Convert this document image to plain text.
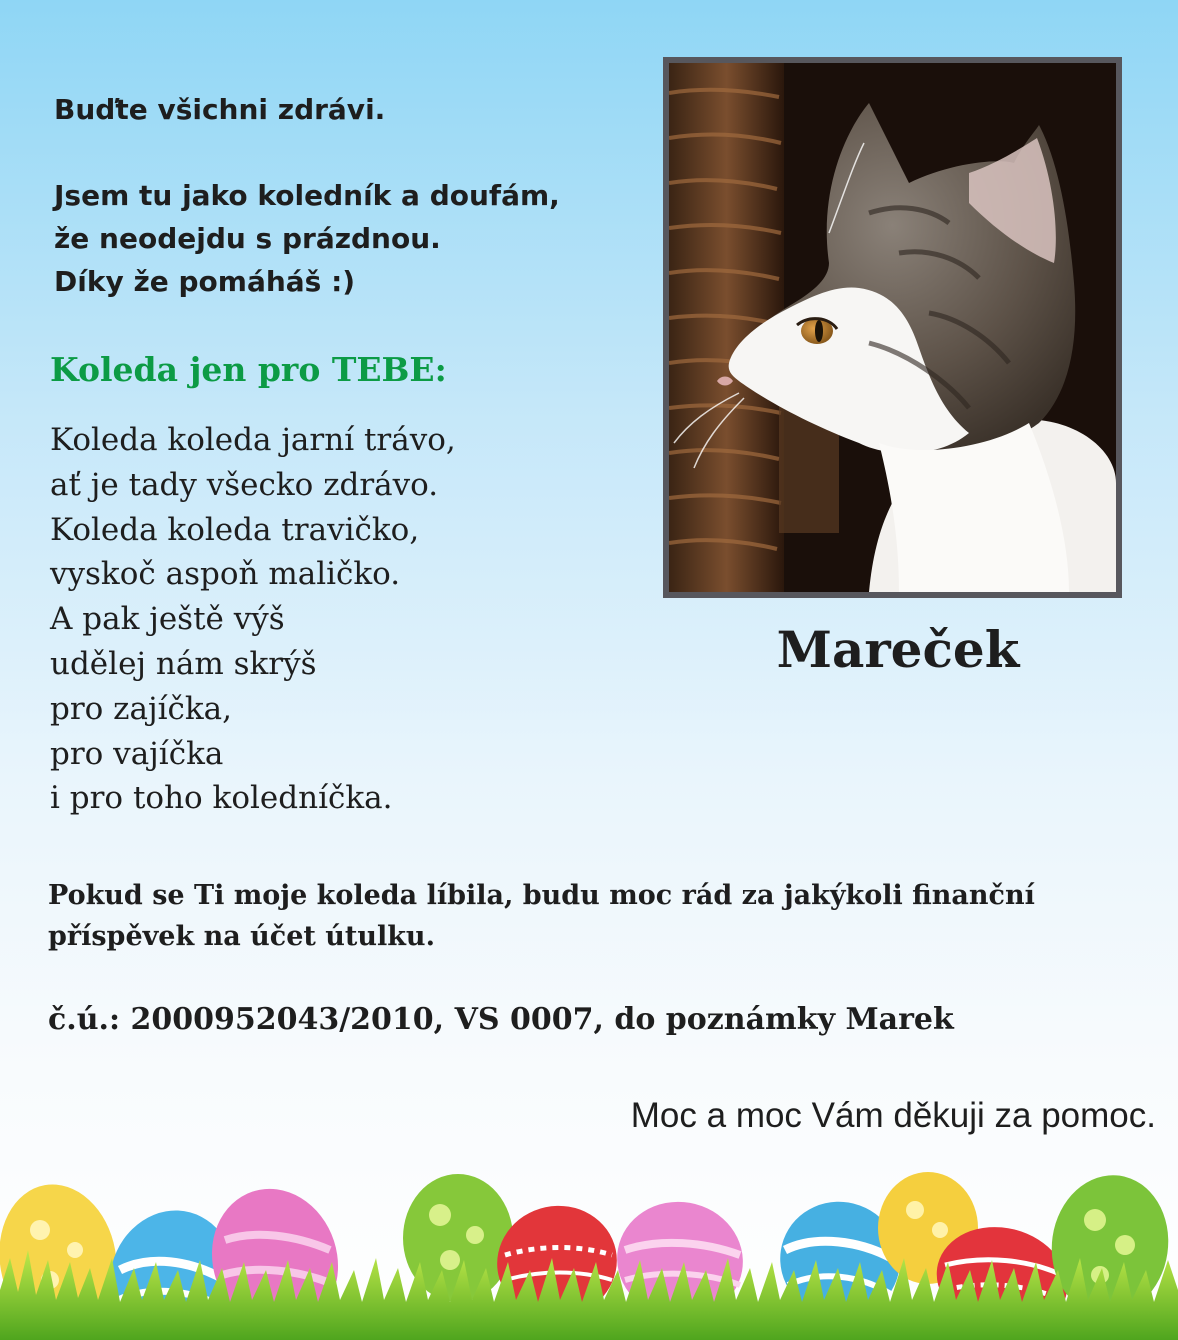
Buďte všichni zdrávi.

Jsem tu jako koledník a doufám,

že neodejdu s prázdnou.

Díky že pomáháš :)

Koleda jen pro TEBE:
Koleda koleda jarní trávo,
ať je tady všecko zdrávo.
Koleda koleda travičko,
vyskoč aspoň maličko.
A pak ještě výš
udělej nám skrýš
pro zajíčka,
pro vajíčka
i pro toho koledníčka.
Mareček
Pokud se Ti moje koleda líbila, budu moc rád za jakýkoli finanční příspěvek na účet útulku.
č.ú.: 2000952043/2010, VS 0007, do poznámky Marek
Moc a moc Vám děkuji za pomoc.
